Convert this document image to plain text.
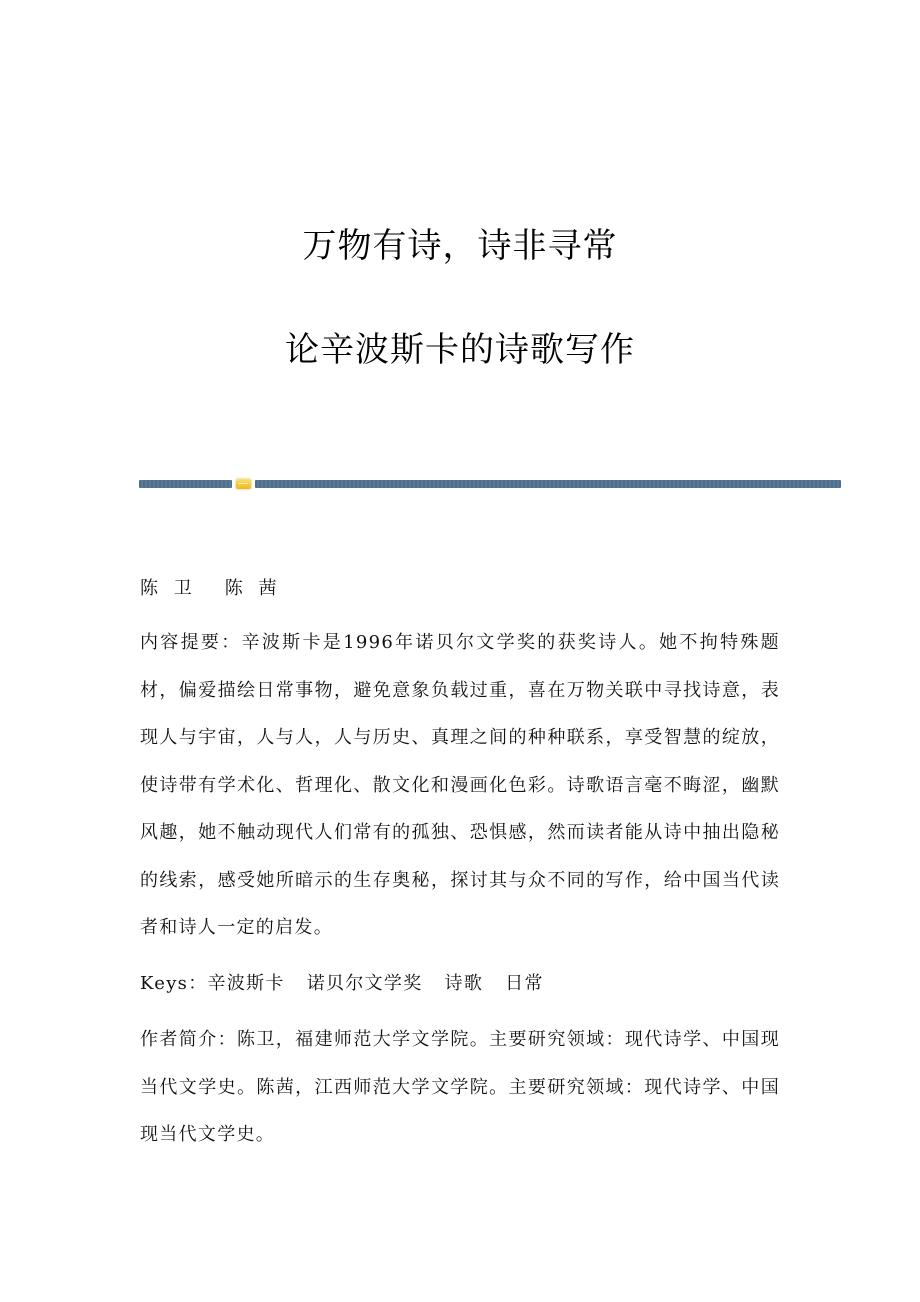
万物有诗，诗非寻常
论辛波斯卡的诗歌写作

陈 卫 陈 茜

内容提要：辛波斯卡是1996年诺贝尔文学奖的获奖诗人。她不拘特殊题材，偏爱描绘日常事物，避免意象负载过重，喜在万物关联中寻找诗意，表现人与宇宙，人与人，人与历史、真理之间的种种联系，享受智慧的绽放，使诗带有学术化、哲理化、散文化和漫画化色彩。诗歌语言毫不晦涩，幽默风趣，她不触动现代人们常有的孤独、恐惧感，然而读者能从诗中抽出隐秘的线索，感受她所暗示的生存奥秘，探讨其与众不同的写作，给中国当代读者和诗人一定的启发。

Keys：辛波斯卡 诺贝尔文学奖 诗歌 日常

作者简介：陈卫，福建师范大学文学院。主要研究领域：现代诗学、中国现当代文学史。陈茜，江西师范大学文学院。主要研究领域：现代诗学、中国现当代文学史。
